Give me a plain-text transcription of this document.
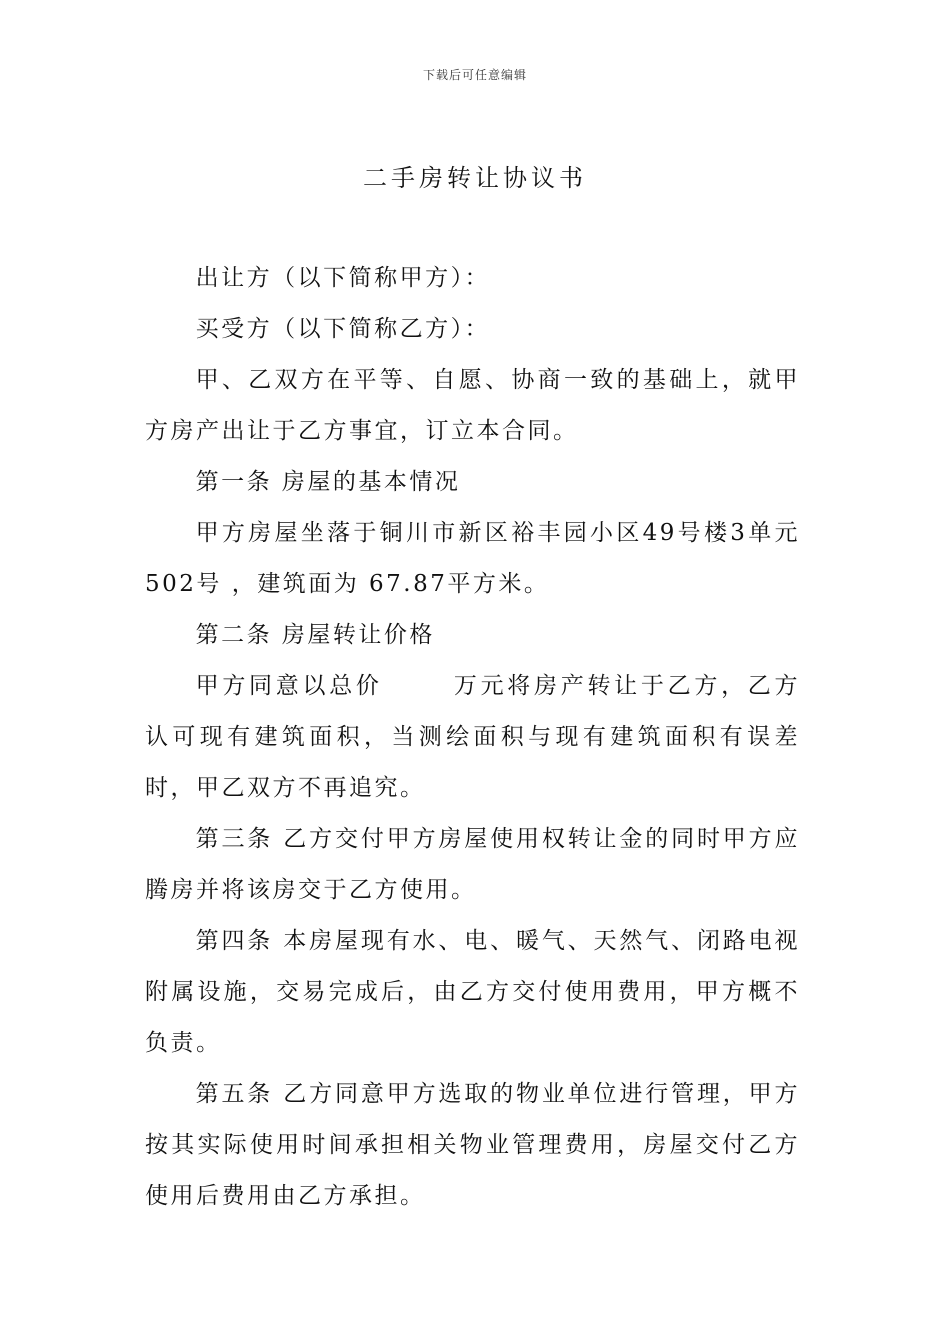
下载后可任意编辑
二手房转让协议书

出让方（以下简称甲方）：

买受方（以下简称乙方）：

甲、乙双方在平等、自愿、协商一致的基础上，就甲方房产出让于乙方事宜，订立本合同。

第一条 房屋的基本情况

甲方房屋坐落于铜川市新区裕丰园小区49号楼3单元502号 ，建筑面为 67.87平方米。

第二条 房屋转让价格

甲方同意以总价	万元将房产转让于乙方，乙方认可现有建筑面积，当测绘面积与现有建筑面积有误差时，甲乙双方不再追究。

第三条 乙方交付甲方房屋使用权转让金的同时甲方应腾房并将该房交于乙方使用。

第四条 本房屋现有水、电、暖气、天然气、闭路电视附属设施，交易完成后，由乙方交付使用费用，甲方概不负责。

第五条 乙方同意甲方选取的物业单位进行管理，甲方按其实际使用时间承担相关物业管理费用，房屋交付乙方使用后费用由乙方承担。
